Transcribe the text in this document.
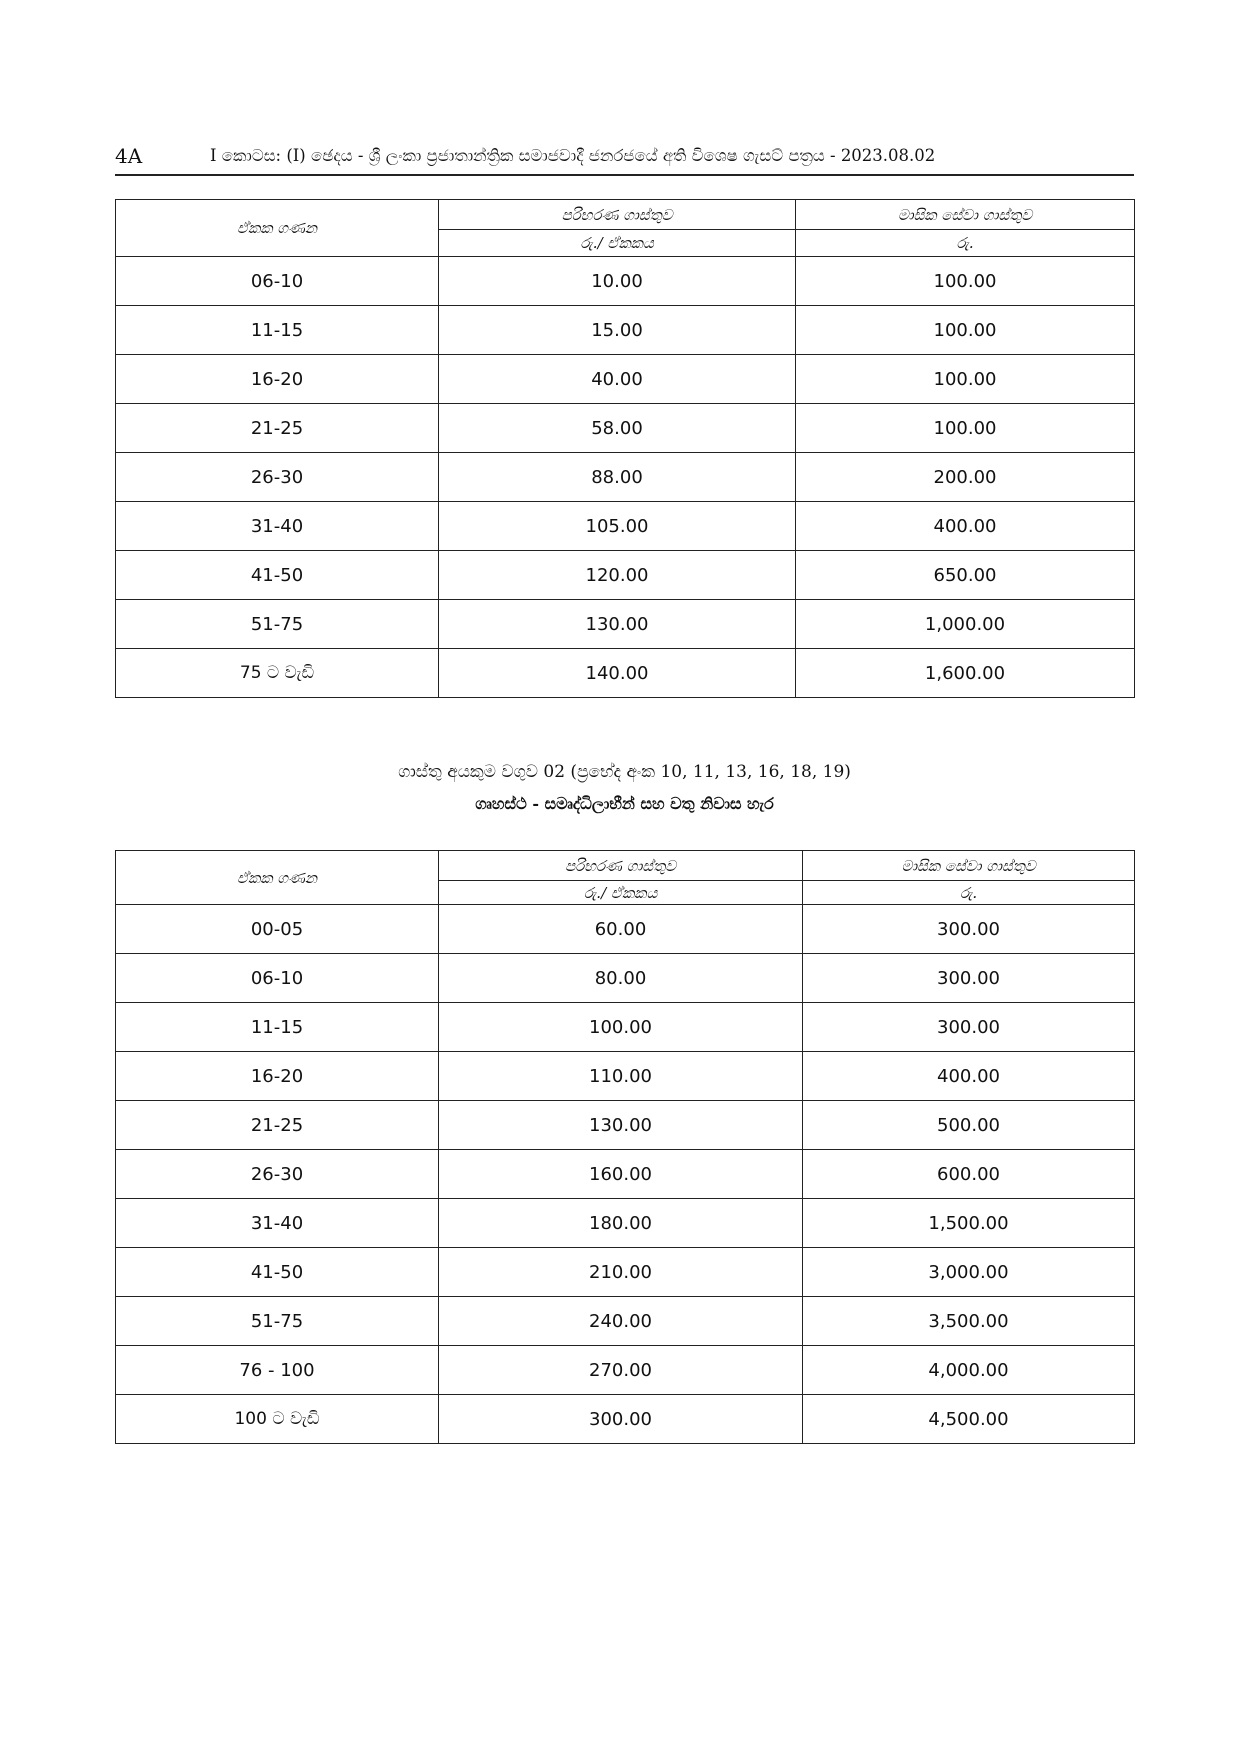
4A	I කොටස: (I) ඡෙදය - ශ්‍රී ලංකා ප්‍රජාතාන්ත්‍රික සමාජවාදී ජනරජයේ අති විශෙෂ ගැසට් පත්‍රය - 2023.08.02
ඒකක ගණන	පරිභරණ ගාස්තුව	මාසික සේවා ගාස්තුව
	රු./ ඒකකය	රු.
06-10	10.00	100.00
11-15	15.00	100.00
16-20	40.00	100.00
21-25	58.00	100.00
26-30	88.00	200.00
31-40	105.00	400.00
41-50	120.00	650.00
51-75	130.00	1,000.00
75 ට වැඩි	140.00	1,600.00
ගාස්තු අයකුම වගුව 02 (ප්‍රභේද අංක 10, 11, 13, 16, 18, 19)
ගෘහස්ථ - සමෘද්ධිලාභීන් සහ වතු නිවාස හැර
ඒකක ගණන	පරිභරණ ගාස්තුව	මාසික සේවා ගාස්තුව
	රු./ ඒකකය	රු.
00-05	60.00	300.00
06-10	80.00	300.00
11-15	100.00	300.00
16-20	110.00	400.00
21-25	130.00	500.00
26-30	160.00	600.00
31-40	180.00	1,500.00
41-50	210.00	3,000.00
51-75	240.00	3,500.00
76 - 100	270.00	4,000.00
100 ට වැඩි	300.00	4,500.00
